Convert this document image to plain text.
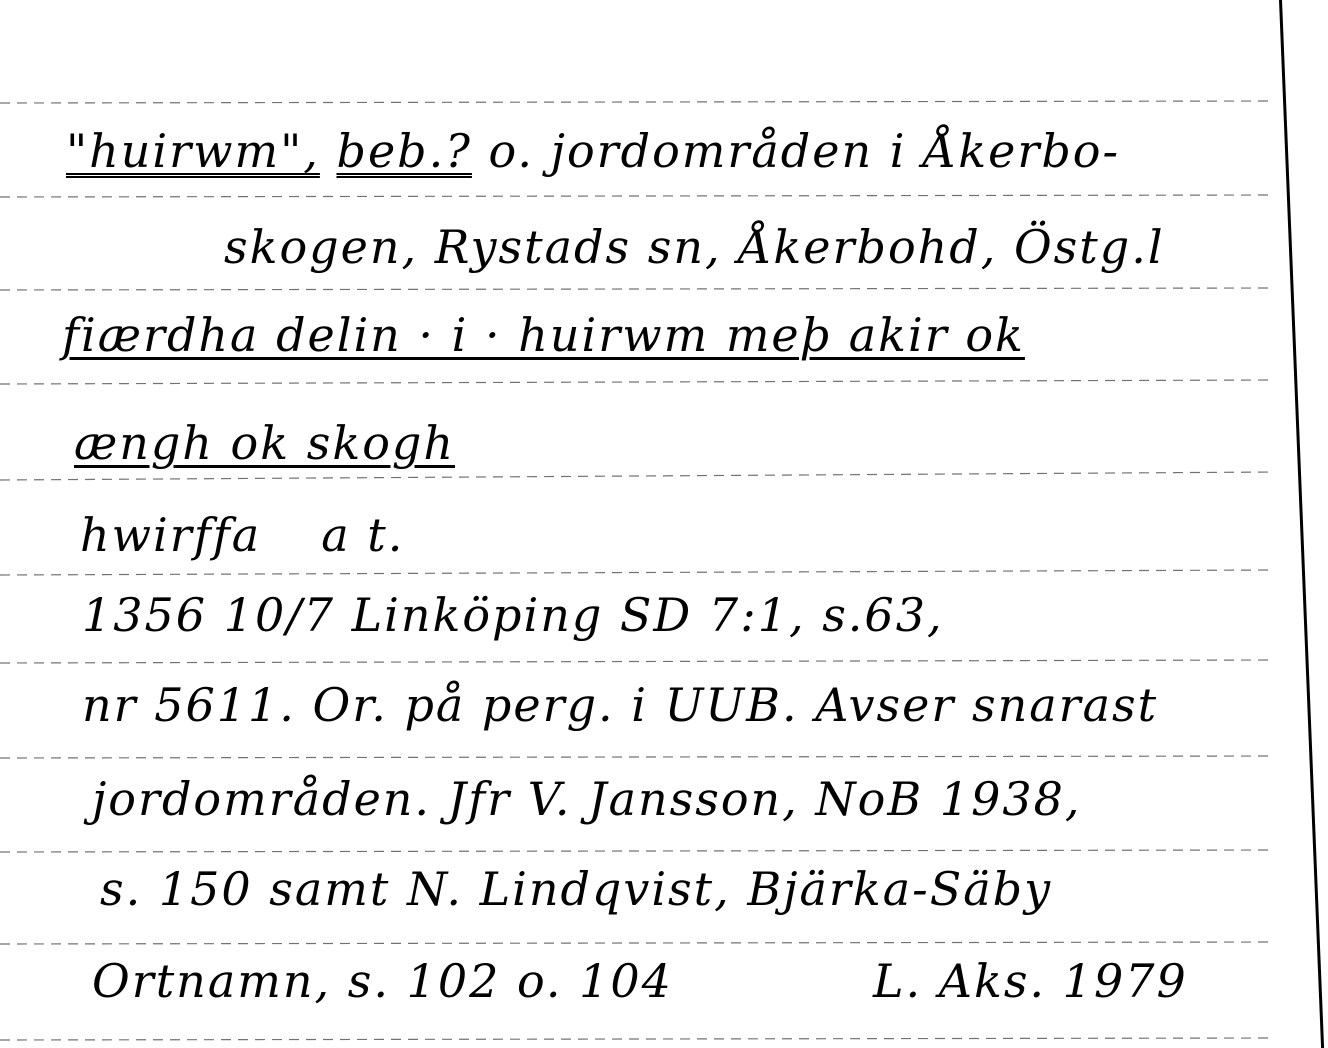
"huirwm", beb.? o. jordområden i Åkerbo-
skogen, Rystads sn, Åkerbohd, Östg.l
fiærdha delin · i · huirwm meþ akir ok
ængh ok skogh
hwirffa a t.
1356 10/7 Linköping SD 7:1, s.63,
nr 5611. Or. på perg. i UUB. Avser snarast
jordområden. Jfr V. Jansson, NoB 1938,
s. 150 samt N. Lindqvist, Bjärka-Säby
Ortnamn, s. 102 o. 104	L. Aks. 1979
